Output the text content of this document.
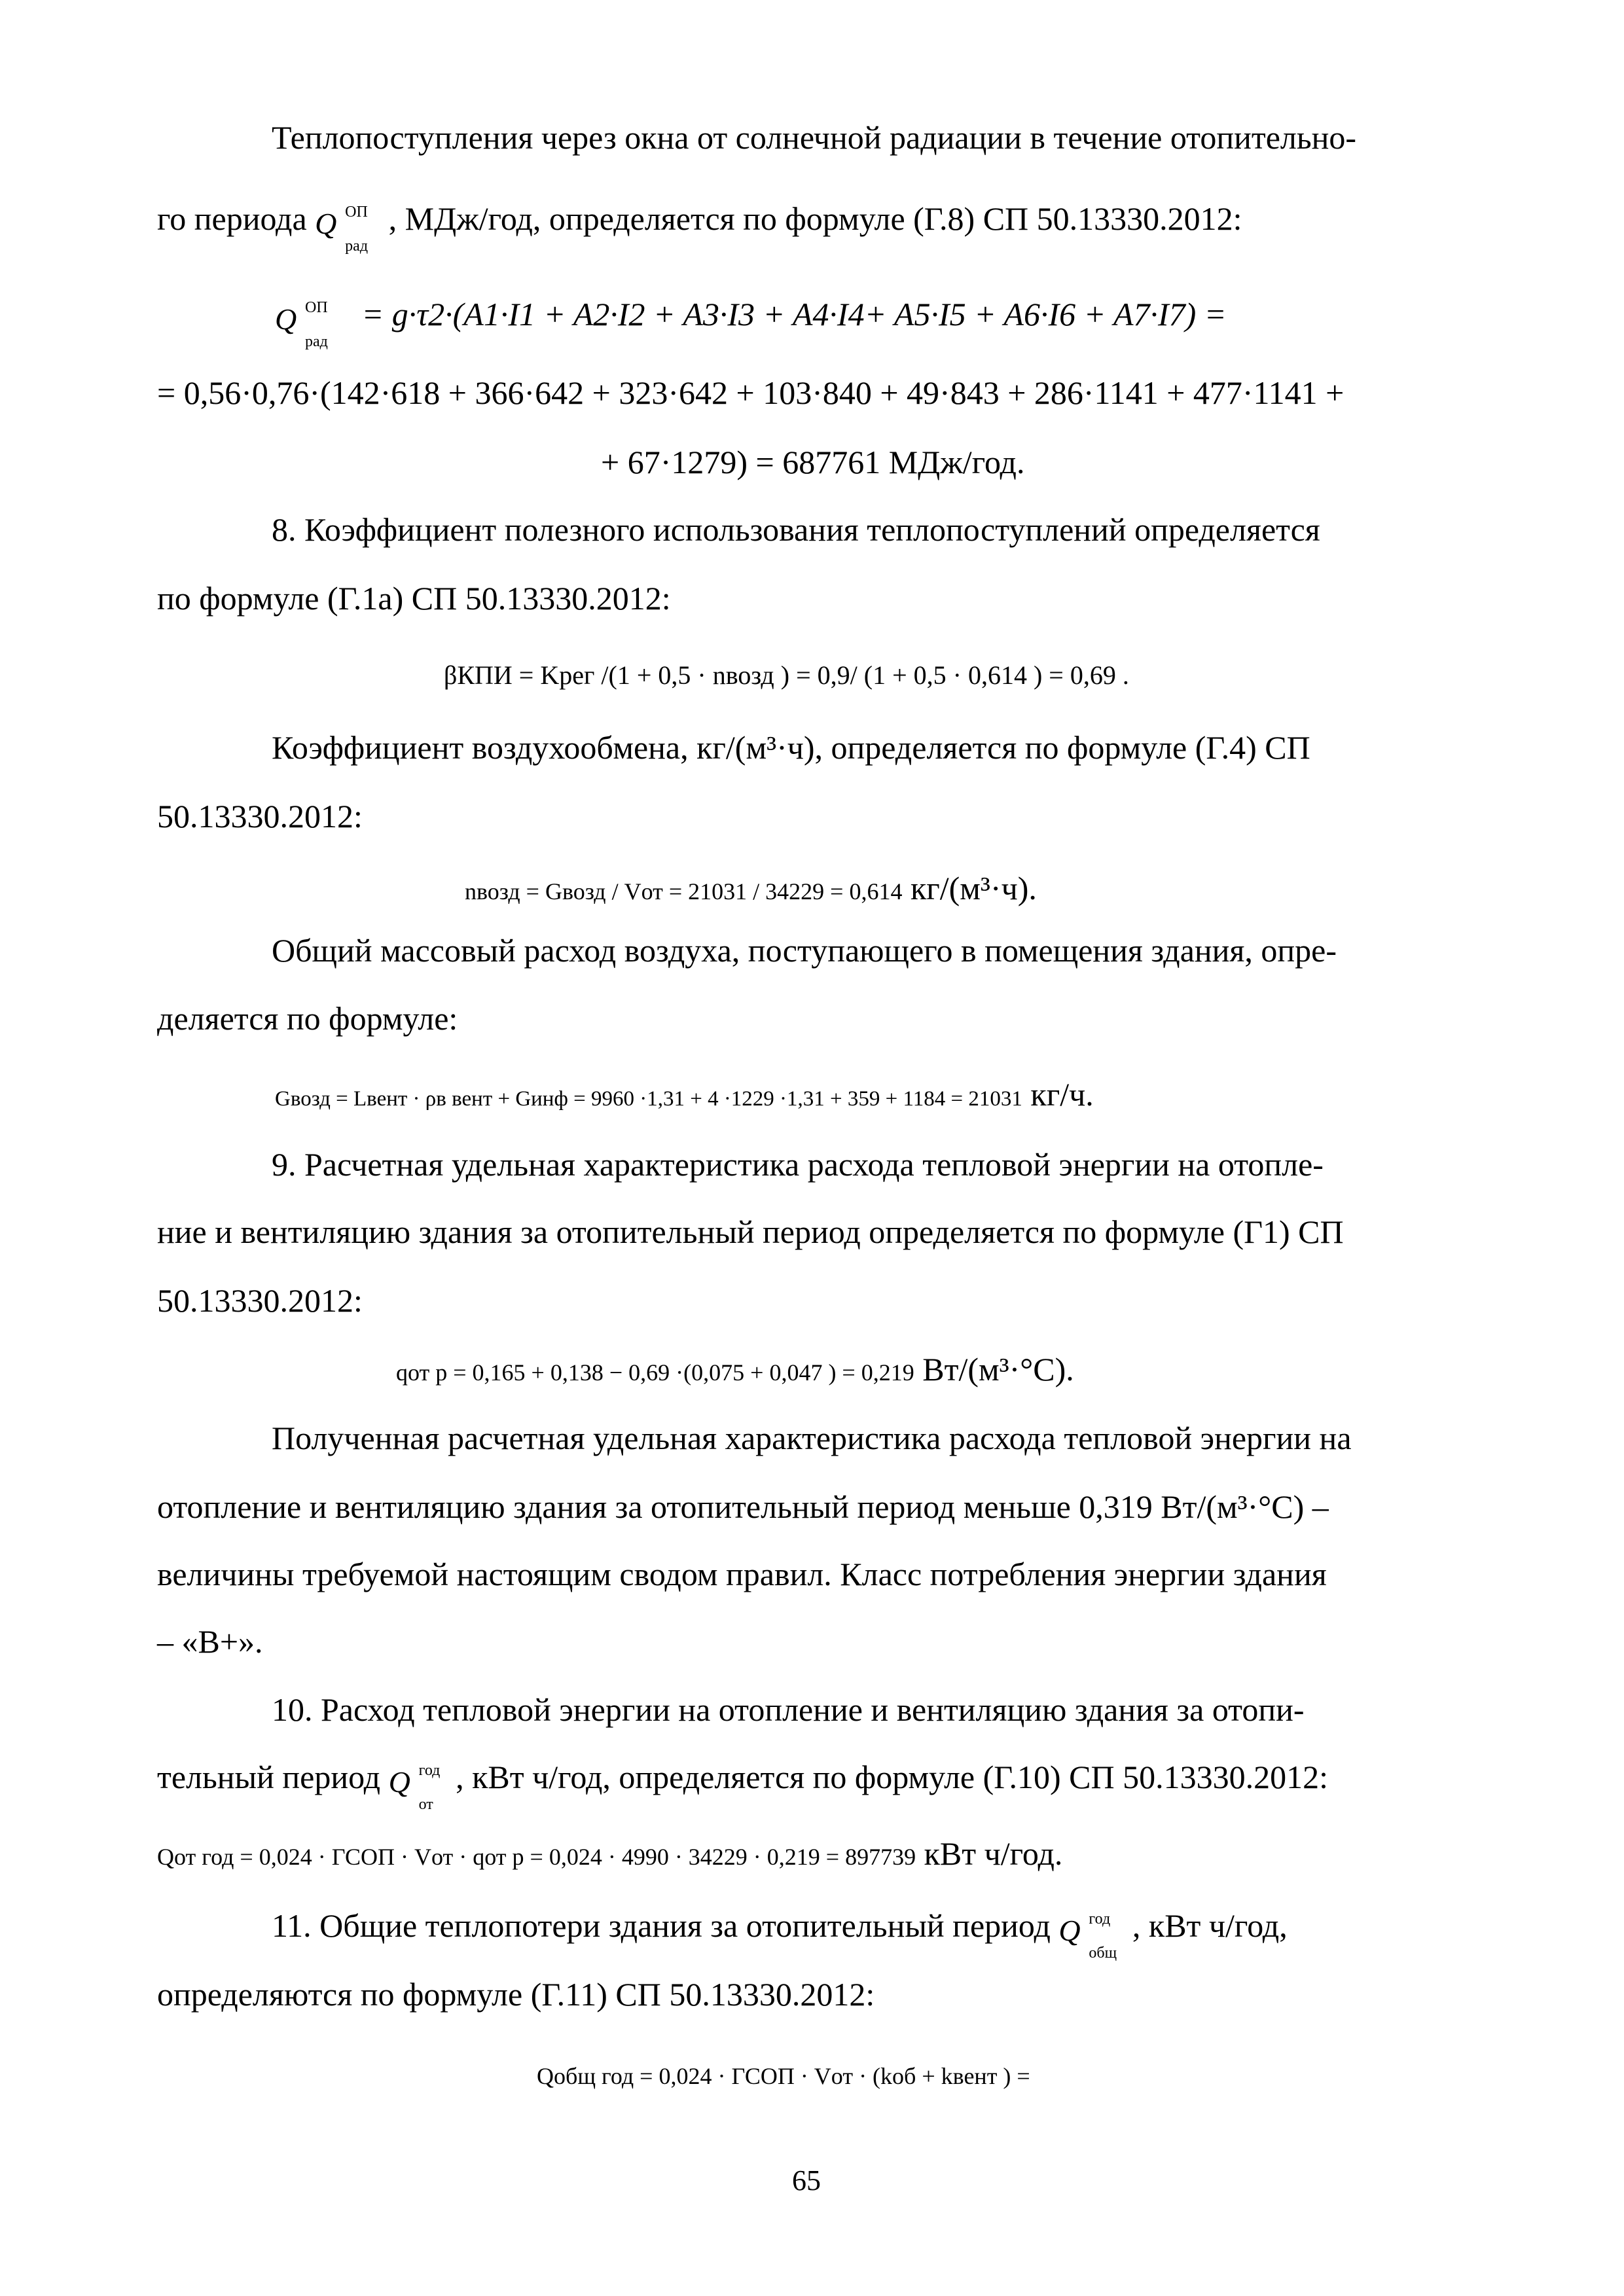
Теплопоступления через окна от солнечной радиации в течение отопительно-
го периода Q ОП
рад
, МДж/год, определяется по формуле (Г.8) СП 50.13330.2012:
Q ОП
рад
= g·τ2·(A1·I1 + A2·I2 + A3·I3 + A4·I4+ A5·I5 + A6·I6 + A7·I7) =
= 0,56·0,76·(142·618 + 366·642 + 323·642 + 103·840 + 49·843 + 286·1141 + 477·1141 +
+ 67·1279) = 687761 МДж/год.
8. Коэффициент полезного использования теплопоступлений определяется
по формуле (Г.1а) СП 50.13330.2012:
βКПИ = Kрег /(1 + 0,5 · nвозд ) = 0,9/ (1 + 0,5 · 0,614 ) = 0,69 .
Коэффициент воздухообмена, кг/(м³·ч), определяется по формуле (Г.4) СП
50.13330.2012:
nвозд = Gвозд / Vот = 21031 / 34229 = 0,614 кг/(м³·ч).
Общий массовый расход воздуха, поступающего в помещения здания, опре-
деляется по формуле:
Gвозд = Lвент · ρв вент + Gинф = 9960 ·1,31 + 4 ·1229 ·1,31 + 359 + 1184 = 21031 кг/ч.
9. Расчетная удельная характеристика расхода тепловой энергии на отопле-
ние и вентиляцию здания за отопительный период определяется по формуле (Г1) СП
50.13330.2012:
qот р = 0,165 + 0,138 − 0,69 ·(0,075 + 0,047 ) = 0,219 Вт/(м³·°С).
Полученная расчетная удельная характеристика расхода тепловой энергии на
отопление и вентиляцию здания за отопительный период меньше 0,319 Вт/(м³·°С) –
величины требуемой настоящим сводом правил. Класс потребления энергии здания
– «В+».
10. Расход тепловой энергии на отопление и вентиляцию здания за отопи-
тельный период Q год
от
, кВт ч/год, определяется по формуле (Г.10) СП 50.13330.2012:
Qот год = 0,024 · ГСОП · Vот · qот р = 0,024 · 4990 · 34229 · 0,219 = 897739 кВт ч/год.
11. Общие теплопотери здания за отопительный период Q год
общ
, кВт ч/год,
определяются по формуле (Г.11) СП 50.13330.2012:
Qобщ год = 0,024 · ГСОП · Vот · (kоб + kвент ) =
65
